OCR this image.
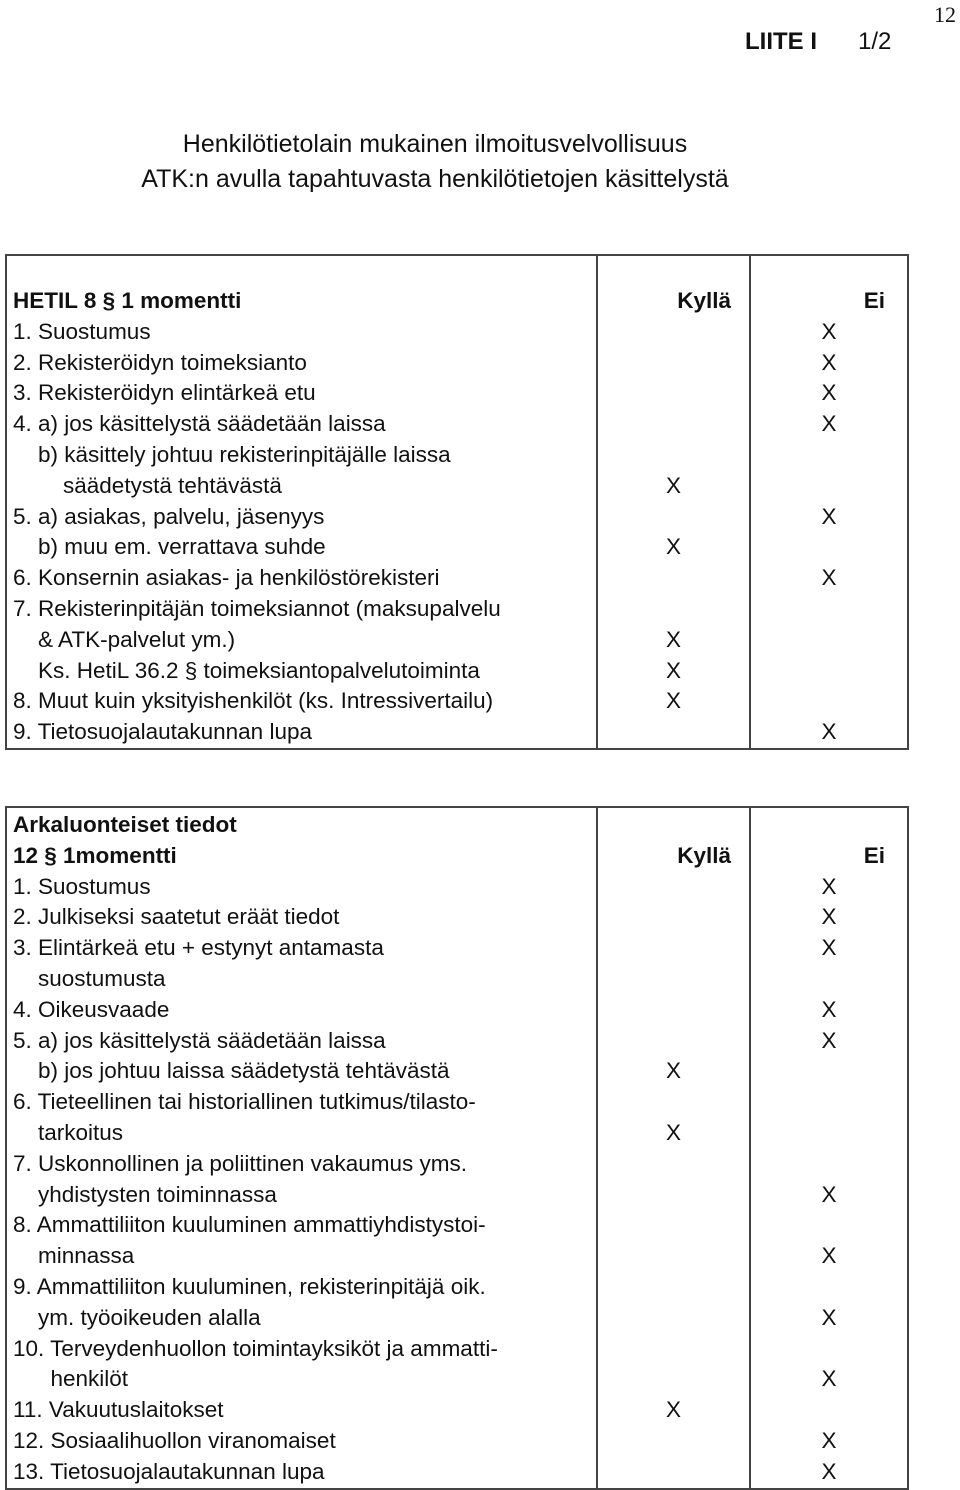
12
LIITE I 1/2
Henkilötietolain mukainen ilmoitusvelvollisuus
ATK:n avulla tapahtuvasta henkilötietojen käsittelystä
HETIL 8 § 1 momentti	Kyllä	Ei

1. Suostumus		X

2. Rekisteröidyn toimeksianto		X

3. Rekisteröidyn elintärkeä etu		X

4. a) jos käsittelystä säädetään laissa		X

b) käsittely johtuu rekisterinpitäjälle laissa
säädetystä tehtävästä	X	

5. a) asiakas, palvelu, jäsenyys		X

b) muu em. verrattava suhde	X	

6. Konsernin asiakas- ja henkilöstörekisteri		X

7. Rekisterinpitäjän toimeksiannot (maksupalvelu
& ATK-palvelut ym.)	X	

Ks. HetiL 36.2 § toimeksiantopalvelutoiminta	X	

8. Muut kuin yksityishenkilöt (ks. Intressivertailu)	X	

9. Tietosuojalautakunnan lupa		X
Arkaluonteiset tiedot
12 § 1momentti	Kyllä	Ei

1. Suostumus		X

2. Julkiseksi saatetut eräät tiedot		X

3. Elintärkeä etu + estynyt antamasta
suostumusta		X

4. Oikeusvaade		X

5. a) jos käsittelystä säädetään laissa		X

b) jos johtuu laissa säädetystä tehtävästä	X	

6. Tieteellinen tai historiallinen tutkimus/tilasto-
tarkoitus	X	

7. Uskonnollinen ja poliittinen vakaumus yms.
yhdistysten toiminnassa		X

8. Ammattiliiton kuuluminen ammattiyhdistystoi-
minnassa		X

9. Ammattiliiton kuuluminen, rekisterinpitäjä oik.
ym. työoikeuden alalla		X

10. Terveydenhuollon toimintayksiköt ja ammatti-
henkilöt		X

11. Vakuutuslaitokset	X	

12. Sosiaalihuollon viranomaiset		X

13. Tietosuojalautakunnan lupa		X
